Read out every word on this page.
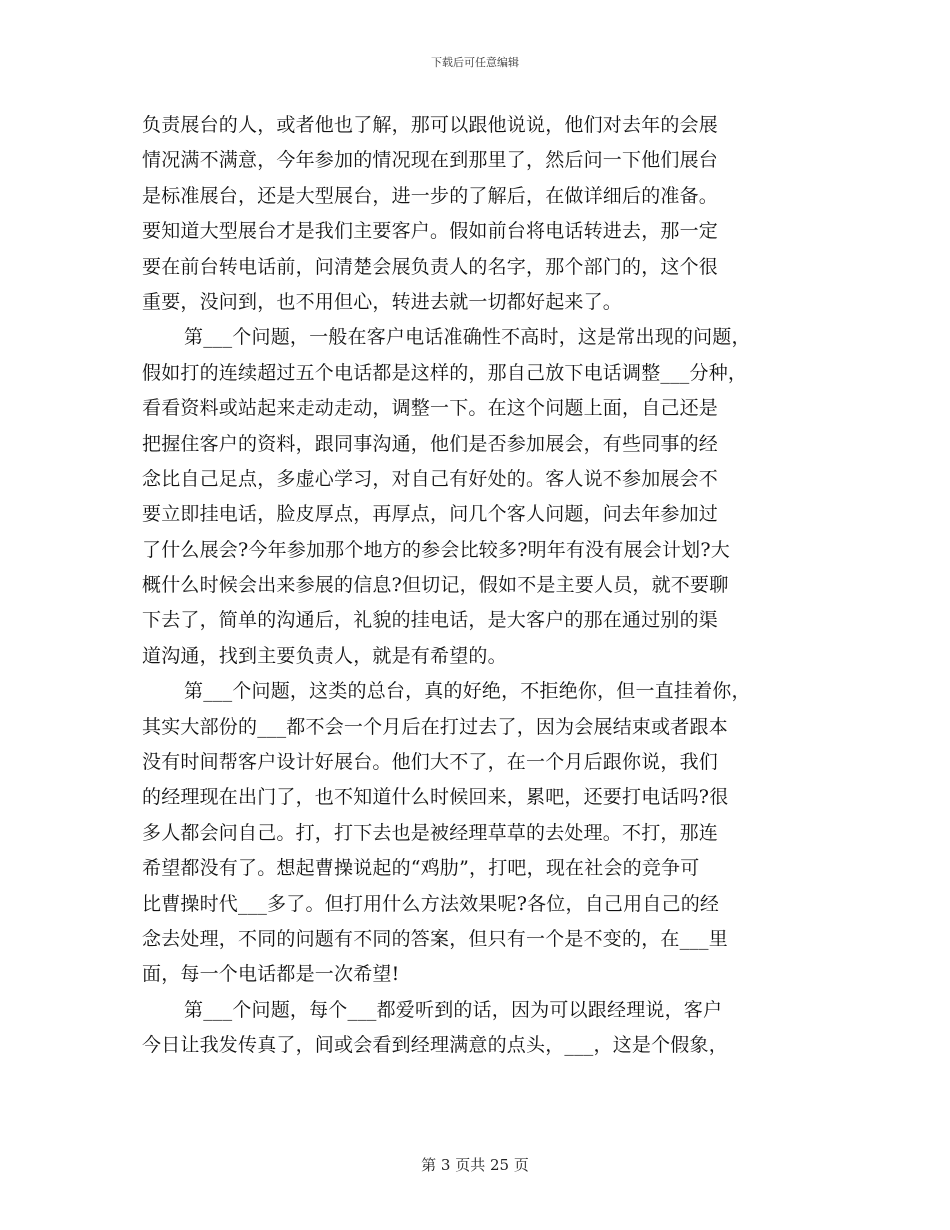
下载后可任意编辑
负责展台的人，或者他也了解，那可以跟他说说，他们对去年的会展
情况满不满意，今年参加的情况现在到那里了，然后问一下他们展台
是标准展台，还是大型展台，进一步的了解后，在做详细后的准备。
要知道大型展台才是我们主要客户。假如前台将电话转进去，那一定
要在前台转电话前，问清楚会展负责人的名字，那个部门的，这个很
重要，没问到，也不用但心，转进去就一切都好起来了。
第___个问题，一般在客户电话准确性不高时，这是常出现的问题，
假如打的连续超过五个电话都是这样的，那自己放下电话调整___分种，
看看资料或站起来走动走动，调整一下。在这个问题上面，自己还是
把握住客户的资料，跟同事沟通，他们是否参加展会，有些同事的经
念比自己足点，多虚心学习，对自己有好处的。客人说不参加展会不
要立即挂电话，脸皮厚点，再厚点，问几个客人问题，问去年参加过
了什么展会?今年参加那个地方的参会比较多?明年有没有展会计划?大
概什么时候会出来参展的信息?但切记，假如不是主要人员，就不要聊
下去了，简单的沟通后，礼貌的挂电话，是大客户的那在通过别的渠
道沟通，找到主要负责人，就是有希望的。
第___个问题，这类的总台，真的好绝，不拒绝你，但一直挂着你，
其实大部份的___都不会一个月后在打过去了，因为会展结束或者跟本
没有时间帮客户设计好展台。他们大不了，在一个月后跟你说，我们
的经理现在出门了，也不知道什么时候回来，累吧，还要打电话吗?很
多人都会问自己。打，打下去也是被经理草草的去处理。不打，那连
希望都没有了。想起曹操说起的“鸡肋”，打吧，现在社会的竞争可
比曹操时代___多了。但打用什么方法效果呢?各位，自己用自己的经
念去处理，不同的问题有不同的答案，但只有一个是不变的，在___里
面，每一个电话都是一次希望!
第___个问题，每个___都爱听到的话，因为可以跟经理说，客户
今日让我发传真了，间或会看到经理满意的点头，___，这是个假象，
第 3 页共 25 页
